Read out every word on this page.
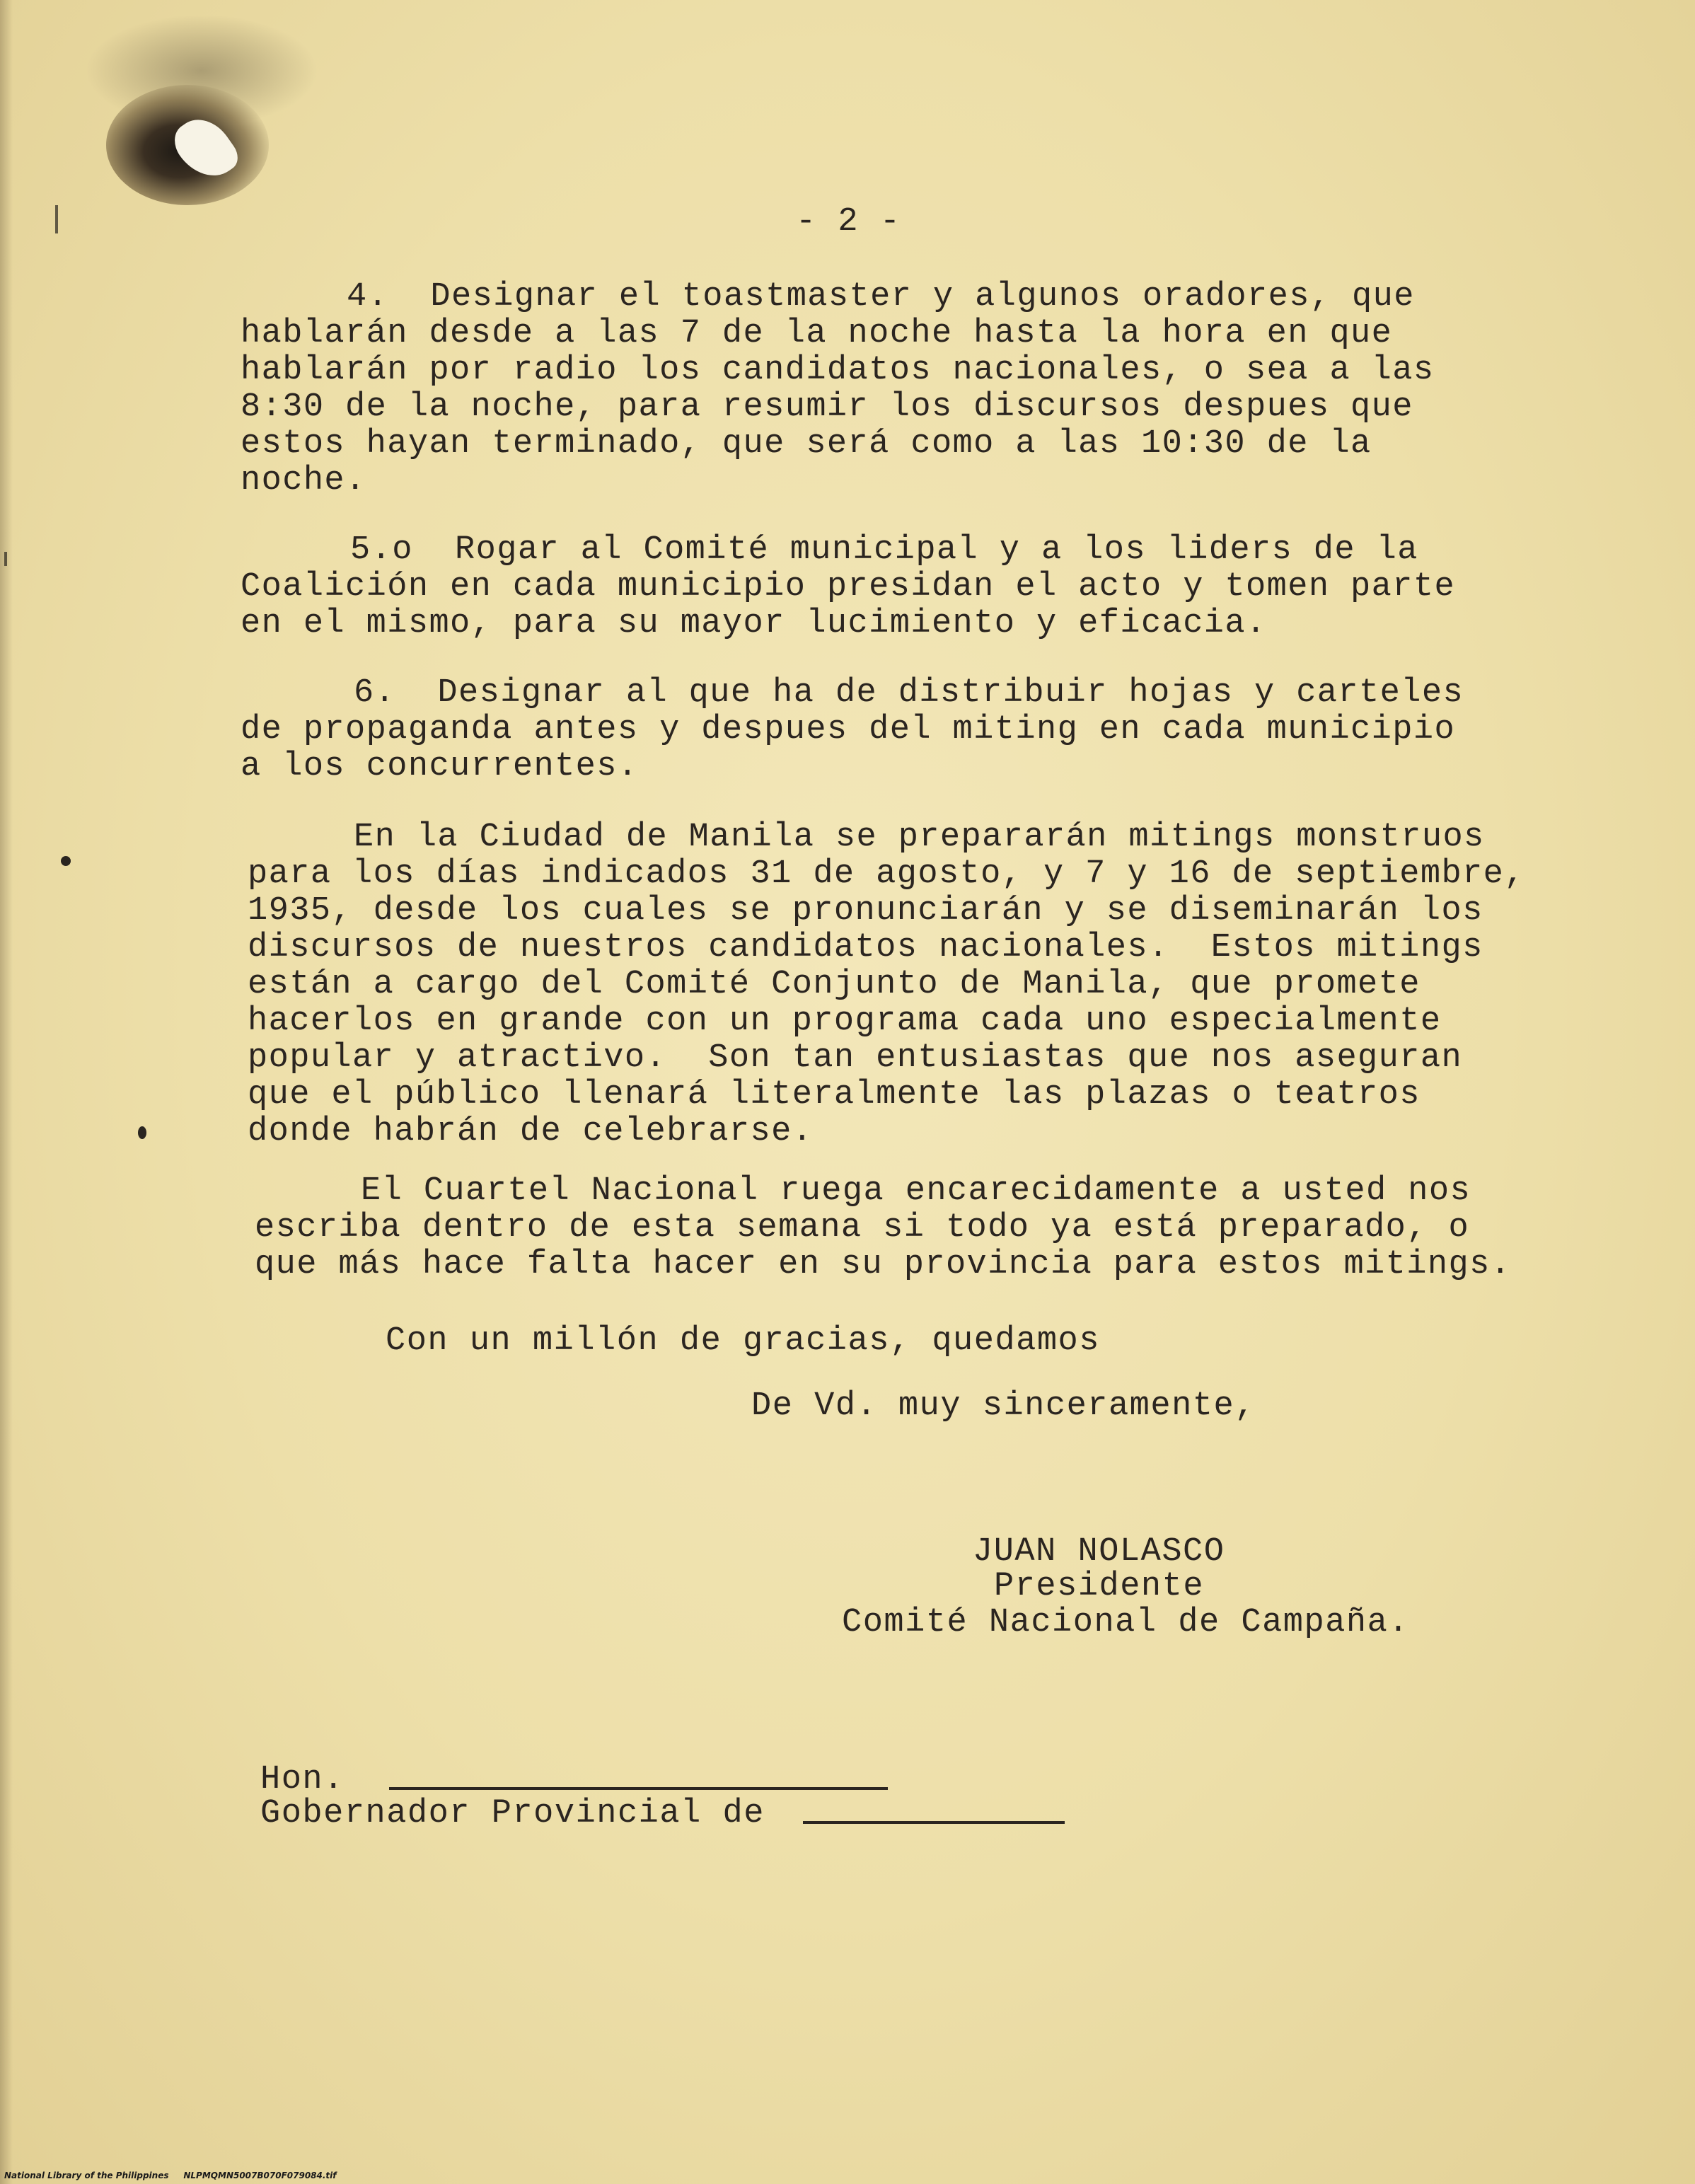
- 2 -
4.  Designar el toastmaster y algunos oradores, que
hablarán desde a las 7 de la noche hasta la hora en que
hablarán por radio los candidatos nacionales, o sea a las
8:30 de la noche, para resumir los discursos despues que
estos hayan terminado, que será como a las 10:30 de la
noche.
5.o  Rogar al Comité municipal y a los liders de la
Coalición en cada municipio presidan el acto y tomen parte
en el mismo, para su mayor lucimiento y eficacia.
6.  Designar al que ha de distribuir hojas y carteles
de propaganda antes y despues del miting en cada municipio
a los concurrentes.
En la Ciudad de Manila se prepararán mitings monstruos
para los días indicados 31 de agosto, y 7 y 16 de septiembre,
1935, desde los cuales se pronunciarán y se diseminarán los
discursos de nuestros candidatos nacionales.  Estos mitings
están a cargo del Comité Conjunto de Manila, que promete
hacerlos en grande con un programa cada uno especialmente
popular y atractivo.  Son tan entusiastas que nos aseguran
que el público llenará literalmente las plazas o teatros
donde habrán de celebrarse.
El Cuartel Nacional ruega encarecidamente a usted nos
escriba dentro de esta semana si todo ya está preparado, o
que más hace falta hacer en su provincia para estos mitings.
Con un millón de gracias, quedamos
De Vd. muy sinceramente,
JUAN NOLASCO
Presidente
Comité Nacional de Campaña.
Hon.
Gobernador Provincial de
National Library of the Philippines     NLPMQMN5007B070F079084.tif
